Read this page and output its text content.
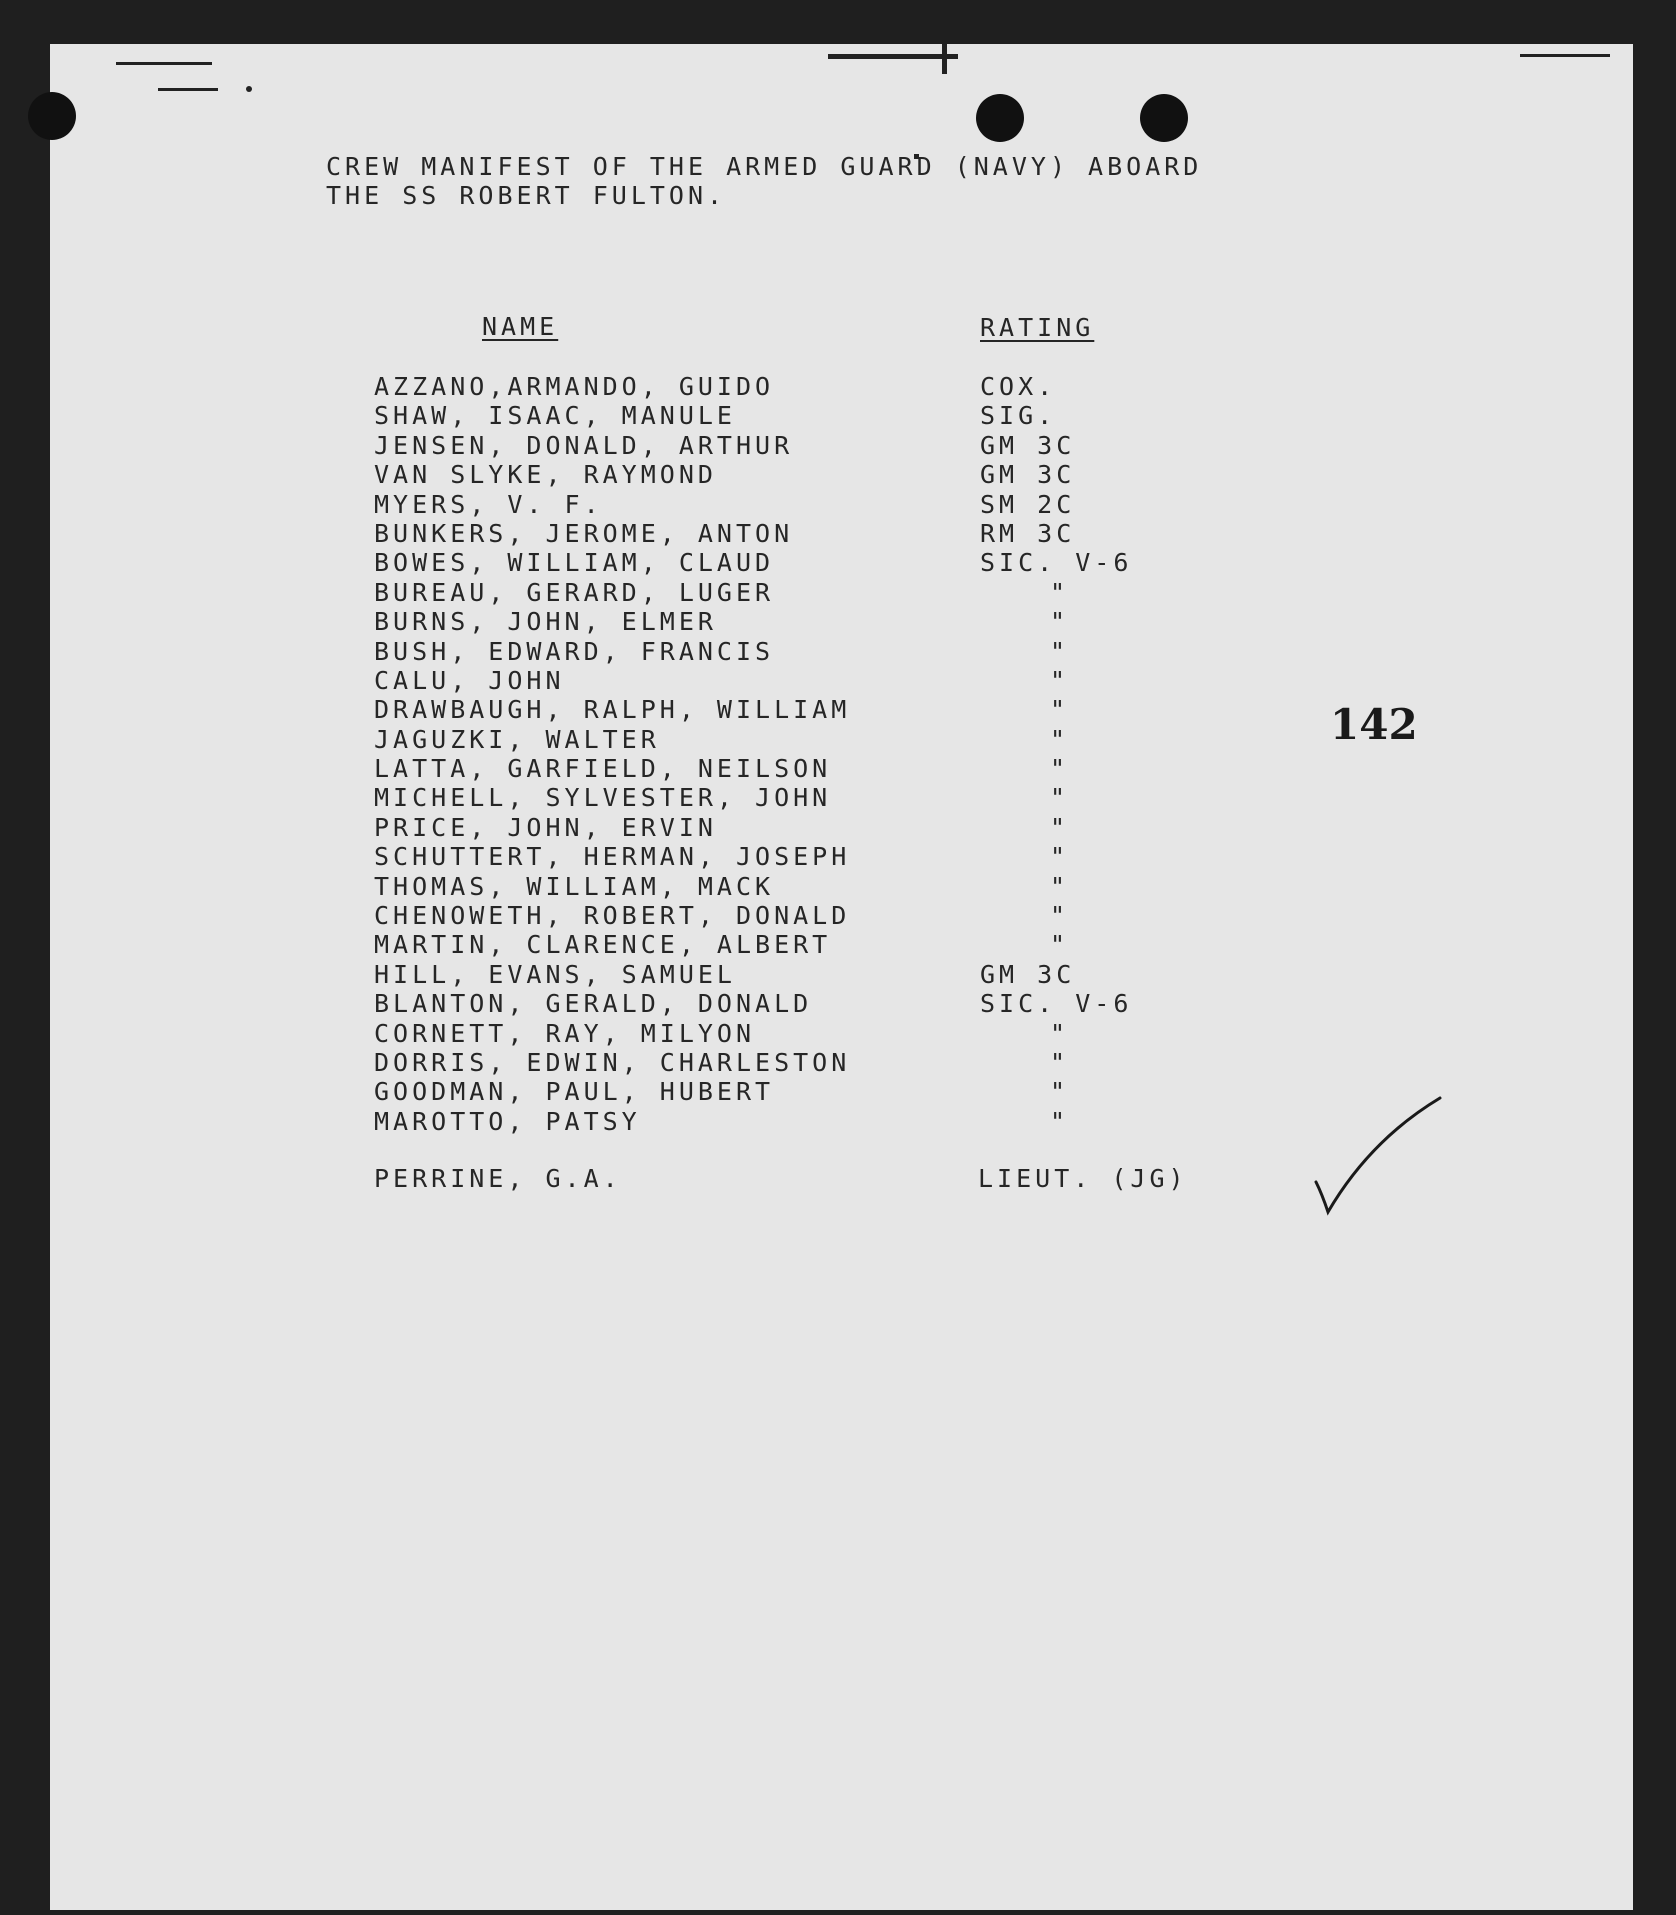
CREW MANIFEST OF THE ARMED GUARD (NAVY) ABOARD
THE SS ROBERT FULTON.
NAME	RATING
AZZANO,ARMANDO, GUIDO
SHAW, ISAAC, MANULE
JENSEN, DONALD, ARTHUR
VAN SLYKE, RAYMOND
MYERS, V. F.
BUNKERS, JEROME, ANTON
BOWES, WILLIAM, CLAUD
BUREAU, GERARD, LUGER
BURNS, JOHN, ELMER
BUSH, EDWARD, FRANCIS
CALU, JOHN
DRAWBAUGH, RALPH, WILLIAM
JAGUZKI, WALTER
LATTA, GARFIELD, NEILSON
MICHELL, SYLVESTER, JOHN
PRICE, JOHN, ERVIN
SCHUTTERT, HERMAN, JOSEPH
THOMAS, WILLIAM, MACK
CHENOWETH, ROBERT, DONALD
MARTIN, CLARENCE, ALBERT
HILL, EVANS, SAMUEL
BLANTON, GERALD, DONALD
CORNETT, RAY, MILYON
DORRIS, EDWIN, CHARLESTON
GOODMAN, PAUL, HUBERT
MAROTTO, PATSY
COX.
SIG.
GM 3C
GM 3C
SM 2C
RM 3C
SIC. V-6
"
"
"
"
"
"
"
"
"
"
"
"
"
GM 3C
SIC. V-6
"
"
"
"
PERRINE, G.A.	LIEUT. (JG)
142
